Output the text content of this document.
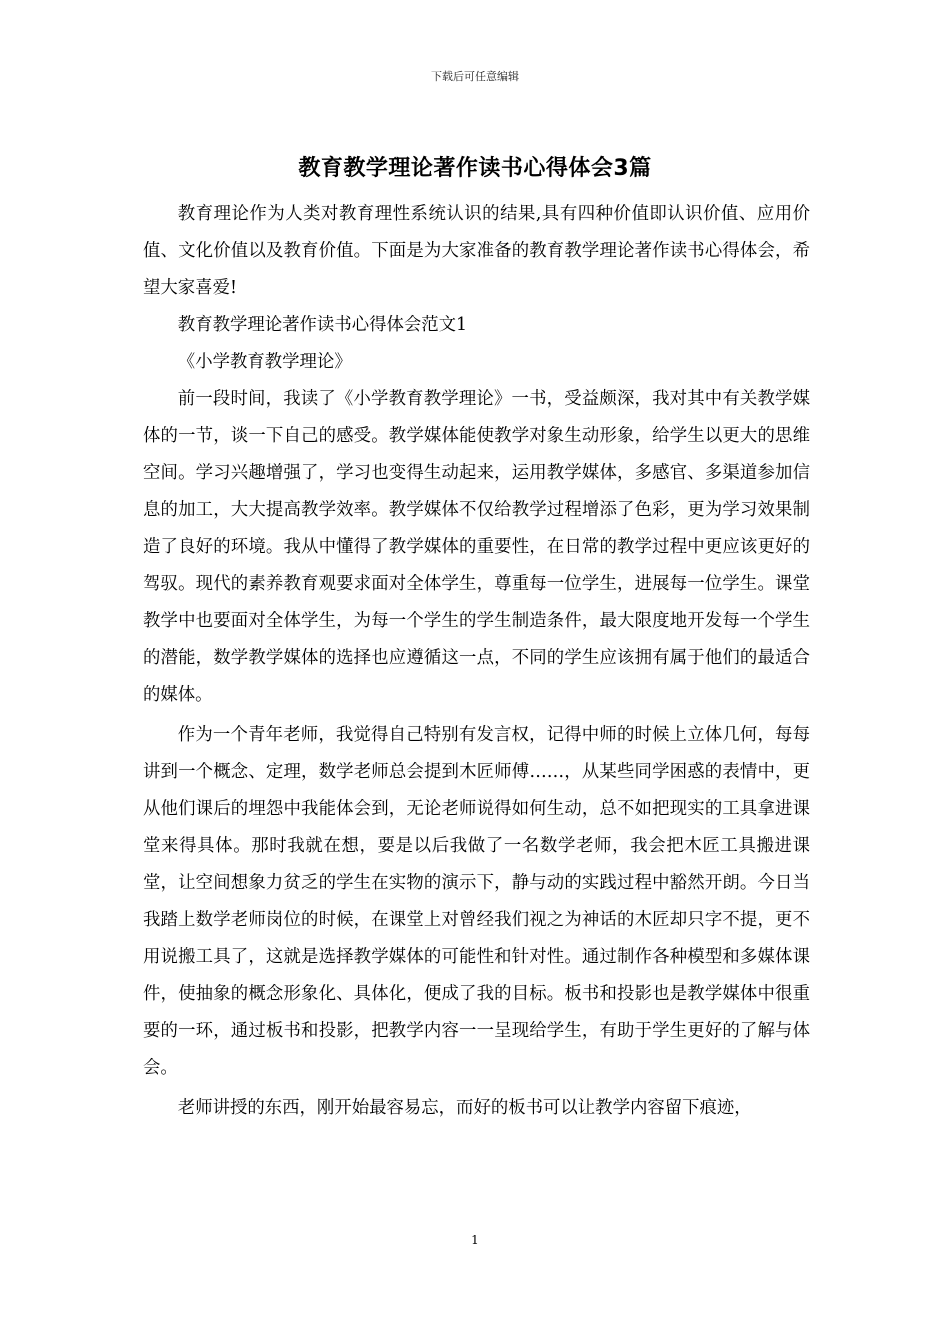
下载后可任意编辑
教育教学理论著作读书心得体会3篇

教育理论作为人类对教育理性系统认识的结果,具有四种价值即认识价值、应用价值、文化价值以及教育价值。下面是为大家准备的教育教学理论著作读书心得体会，希望大家喜爱!

教育教学理论著作读书心得体会范文1

《小学教育教学理论》

前一段时间，我读了《小学教育教学理论》一书，受益颇深，我对其中有关教学媒体的一节，谈一下自己的感受。教学媒体能使教学对象生动形象，给学生以更大的思维空间。学习兴趣增强了，学习也变得生动起来，运用教学媒体，多感官、多渠道参加信息的加工，大大提高教学效率。教学媒体不仅给教学过程增添了色彩，更为学习效果制造了良好的环境。我从中懂得了教学媒体的重要性，在日常的教学过程中更应该更好的驾驭。现代的素养教育观要求面对全体学生，尊重每一位学生，进展每一位学生。课堂教学中也要面对全体学生，为每一个学生的学生制造条件，最大限度地开发每一个学生的潜能，数学教学媒体的选择也应遵循这一点，不同的学生应该拥有属于他们的最适合的媒体。

作为一个青年老师，我觉得自己特别有发言权，记得中师的时候上立体几何，每每讲到一个概念、定理，数学老师总会提到木匠师傅……，从某些同学困惑的表情中，更从他们课后的埋怨中我能体会到，无论老师说得如何生动，总不如把现实的工具拿进课堂来得具体。那时我就在想，要是以后我做了一名数学老师，我会把木匠工具搬进课堂，让空间想象力贫乏的学生在实物的演示下，静与动的实践过程中豁然开朗。今日当我踏上数学老师岗位的时候，在课堂上对曾经我们视之为神话的木匠却只字不提，更不用说搬工具了，这就是选择教学媒体的可能性和针对性。通过制作各种模型和多媒体课件，使抽象的概念形象化、具体化，便成了我的目标。板书和投影也是教学媒体中很重要的一环，通过板书和投影，把教学内容一一呈现给学生，有助于学生更好的了解与体会。

老师讲授的东西，刚开始最容易忘，而好的板书可以让教学内容留下痕迹，

1
